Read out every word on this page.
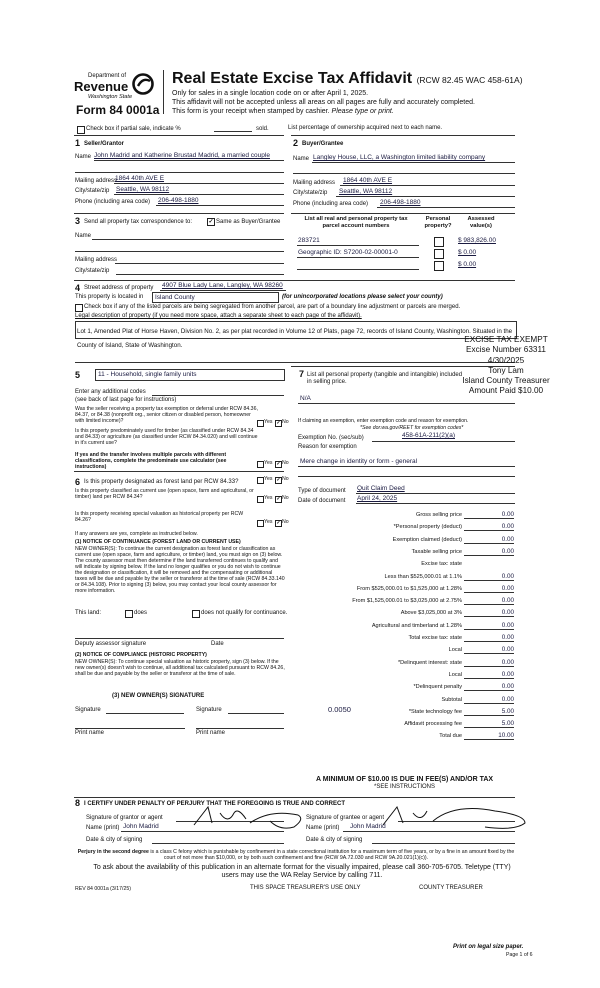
Department of
Revenue
Washington State
Form 84 0001a
Real Estate Excise Tax Affidavit (RCW 82.45 WAC 458-61A)
Only for sales in a single location code on or after April 1, 2025.
This affidavit will not be accepted unless all areas on all pages are fully and accurately completed.
This form is your receipt when stamped by cashier. Please type or print.
Check box if partial sale, indicate %	sold.	List percentage of ownership acquired next to each name.
1 Seller/Grantor
Name John Madrid and Katherine Brustad Madrid, a married couple
Mailing address
1864 40th AVE E
City/state/zip Seattle, WA 98112
Phone (including area code) 206-498-1880
2 Buyer/Grantee
Name Langley House, LLC, a Washington limited liability company
Mailing address 1864 40th AVE E
City/state/zip Seattle, WA 98112
Phone (including area code) 206-498-1880
3 Send all property tax correspondence to:	✓ Same as Buyer/Grantee
Name
Mailing address
City/state/zip
List all real and personal property tax parcel account numbers
Personal property?
Assessed value(s)
283721	$ 983,826.00
Geographic ID: S7200-02-00001-0	$ 0.00
$ 0.00
4 Street address of property 4907 Blue Lady Lane, Langley, WA 98260
This property is located in	Island County	(for unincorporated locations please select your county)
Check box if any of the listed parcels are being segregated from another parcel, are part of a boundary line adjustment or parcels are merged.
Legal description of property (if you need more space, attach a separate sheet to each page of the affidavit).
Lot 1, Amended Plat of Horse Haven, Division No. 2, as per plat recorded in Volume 12 of Plats, page 72, records of Island County, Washington. Situated in the County of Island, State of Washington.
EXCISE TAX EXEMPT
Excise Number 63311
4/30/2025
Tony Lam
Island County Treasurer
Amount Paid $10.00
5	11 - Household, single family units
Enter any additional codes
(see back of last page for instructions)
Was the seller receiving a property tax exemption or deferral under RCW 84.36, 84.37, or 84.38 (nonprofit org., senior citizen or disabled person, homeowner with limited income)?	Yes ✓ No
Is this property predominately used for timber (as classified under RCW 84.34 and 84.33) or agriculture (as classified under RCW 84.34.020) and will continue in it's current use?
If yes and the transfer involves multiple parcels with different classifications, complete the predominate use calculator (see instructions)
Yes ✓ No
6 Is this property designated as forest land per RCW 84.33?	Yes ✓ No
Is this property classified as current use (open space, farm and agricultural, or timber) land per RCW 84.34?	Yes ✓ No
Is this property receiving special valuation as historical property per RCW 84.26?	Yes ✓ No
If any answers are yes, complete as instructed below.
(1) NOTICE OF CONTINUANCE (FOREST LAND OR CURRENT USE)
NEW OWNER(S): To continue the current designation as forest land or classification as current use (open space, farm and agriculture, or timber) land, you must sign on (3) below. The county assessor must then determine if the land transferred continues to qualify and will indicate by signing below. If the land no longer qualifies or you do not wish to continue the designation or classification, it will be removed and the compensating or additional taxes will be due and payable by the seller or transferor at the time of sale (RCW 84.33.140 or 84.34.108). Prior to signing (3) below, you may contact your local county assessor for more information.
This land:	does	does not qualify for continuance.
Deputy assessor signature	Date
(2) NOTICE OF COMPLIANCE (HISTORIC PROPERTY)
NEW OWNER(S): To continue special valuation as historic property, sign (3) below. If the new owner(s) doesn't wish to continue, all additional tax calculated pursuant to RCW 84.26, shall be due and payable by the seller or transferor at the time of sale.
(3) NEW OWNER(S) SIGNATURE
Signature	Signature
Print name	Print name
7 List all personal property (tangible and intangible) included in selling price.
N/A
If claiming an exemption, enter exemption code and reason for exemption.
*See dor.wa.gov/REET for exemption codes*
Exemption No. (sec/sub)	458-61A-211(2)(a)
Reason for exemption
Mere change in identity or form - general
Type of document Quit Claim Deed
Date of document April 24, 2025
Gross selling price	0.00
*Personal property (deduct)	0.00
Exemption claimed (deduct)	0.00
Taxable selling price	0.00
Excise tax: state
Less than $525,000.01 at 1.1%	0.00
From $525,000.01 to $1,525,000 at 1.28%	0.00
From $1,525,000.01 to $3,025,000 at 2.75%	0.00
Above $3,025,000 at 3%	0.00
Agricultural and timberland at 1.28%	0.00
Total excise tax: state	0.00
Local	0.00
*Delinquent interest: state	0.00
Local	0.00
*Delinquent penalty	0.00
Subtotal	0.00
*State technology fee	5.00
Affidavit processing fee	5.00
Total due	10.00
0.0050
A MINIMUM OF $10.00 IS DUE IN FEE(S) AND/OR TAX
*SEE INSTRUCTIONS
8 I CERTIFY UNDER PENALTY OF PERJURY THAT THE FOREGOING IS TRUE AND CORRECT
Signature of grantor or agent
Name (print) John Madrid
Date & city of signing
Signature of grantee or agent
Name (print) John Madrid
Date & city of signing
Perjury in the second degree is a class C felony which is punishable by confinement in a state correctional institution for a maximum term of five years, or by a fine in an amount fixed by the court of not more than $10,000, or by both such confinement and fine (RCW 9A.72.030 and RCW 9A.20.021(1)(c)).
To ask about the availability of this publication in an alternate format for the visually impaired, please call 360-705-6705. Teletype (TTY) users may use the WA Relay Service by calling 711.
REV 84 0001a (3/17/25)	THIS SPACE TREASURER'S USE ONLY	COUNTY TREASURER
Print on legal size paper.
Page 1 of 6
